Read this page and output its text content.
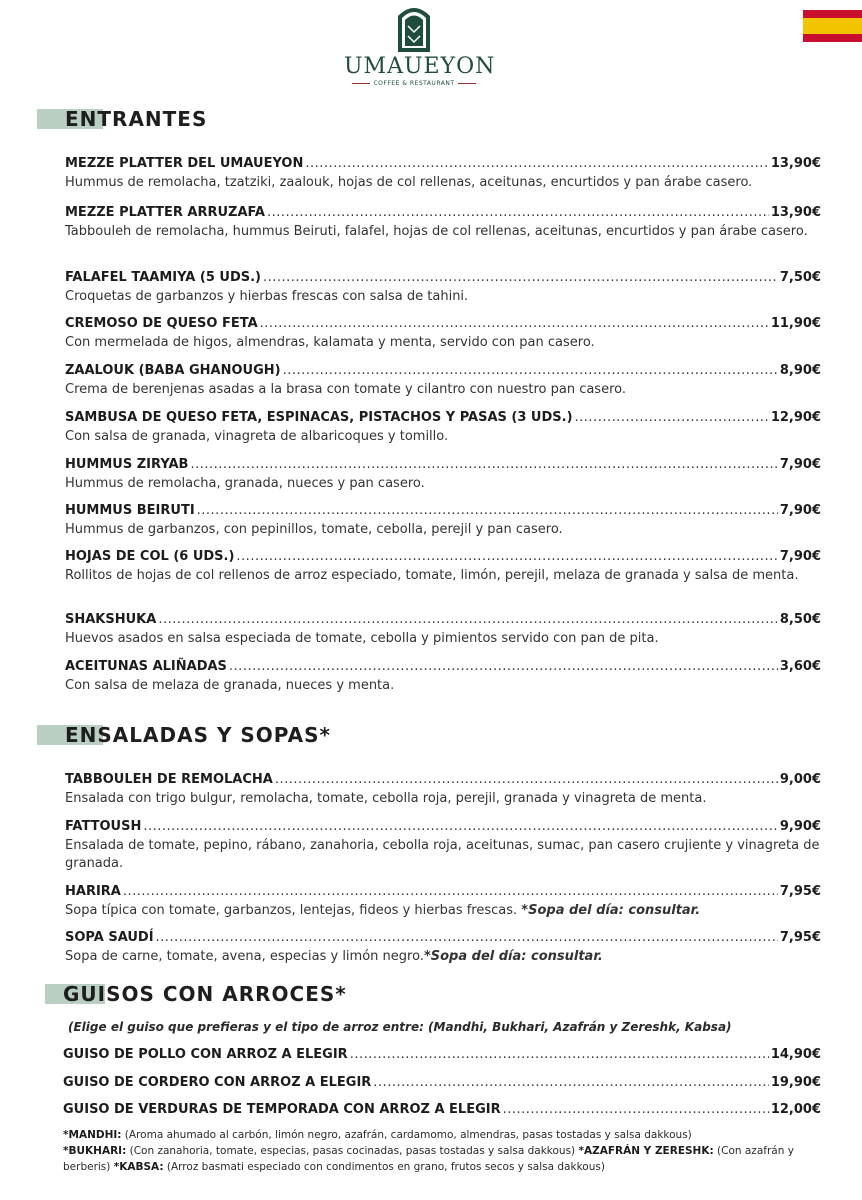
UMAUEYON
COFFEE & RESTAURANT
ENTRANTES
MEZZE PLATTER DEL UMAUEYON .....	13,90€
Hummus de remolacha, tzatziki, zaalouk, hojas de col rellenas, aceitunas, encurtidos y pan árabe casero.
MEZZE PLATTER ARRUZAFA .....	13,90€
Tabbouleh de remolacha, hummus Beiruti, falafel, hojas de col rellenas, aceitunas, encurtidos y pan árabe casero.
FALAFEL TAAMIYA (5 UDS.) .....	7,50€
Croquetas de garbanzos y hierbas frescas con salsa de tahini.
CREMOSO DE QUESO FETA .....	11,90€
Con mermelada de higos, almendras, kalamata y menta, servido con pan casero.
ZAALOUK (BABA GHANOUGH) .....	8,90€
Crema de berenjenas asadas a la brasa con tomate y cilantro con nuestro pan casero.
SAMBUSA DE QUESO FETA, ESPINACAS, PISTACHOS Y PASAS (3 UDS.) .....	12,90€
Con salsa de granada, vinagreta de albaricoques y tomillo.
HUMMUS ZIRYAB .....	7,90€
Hummus de remolacha, granada, nueces y pan casero.
HUMMUS BEIRUTI .....	7,90€
Hummus de garbanzos, con pepinillos, tomate, cebolla, perejil y pan casero.
HOJAS DE COL (6 UDS.) .....	7,90€
Rollitos de hojas de col rellenos de arroz especiado, tomate, limón, perejil, melaza de granada y salsa de menta.
SHAKSHUKA .....	8,50€
Huevos asados en salsa especiada de tomate, cebolla y pimientos servido con pan de pita.
ACEITUNAS ALIÑADAS .....	3,60€
Con salsa de melaza de granada, nueces y menta.
ENSALADAS Y SOPAS*
TABBOULEH DE REMOLACHA .....	9,00€
Ensalada con trigo bulgur, remolacha, tomate, cebolla roja, perejil, granada y vinagreta de menta.
FATTOUSH .....	9,90€
Ensalada de tomate, pepino, rábano, zanahoria, cebolla roja, aceitunas, sumac, pan casero crujiente y vinagreta de granada.
HARIRA .....	7,95€
Sopa típica con tomate, garbanzos, lentejas, fideos y hierbas frescas. *Sopa del día: consultar.
SOPA SAUDÍ .....	7,95€
Sopa de carne, tomate, avena, especias y limón negro.*Sopa del día: consultar.
GUISOS CON ARROCES*
(Elige el guiso que prefieras y el tipo de arroz entre: (Mandhi, Bukhari, Azafrán y Zereshk, Kabsa)
GUISO DE POLLO CON ARROZ A ELEGIR .....	14,90€
GUISO DE CORDERO CON ARROZ A ELEGIR .....	19,90€
GUISO DE VERDURAS DE TEMPORADA CON ARROZ A ELEGIR .....	12,00€
*MANDHI: (Aroma ahumado al carbón, limón negro, azafrán, cardamomo, almendras, pasas tostadas y salsa dakkous)
*BUKHARI: (Con zanahoria, tomate, especias, pasas cocinadas, pasas tostadas y salsa dakkous) *AZAFRÁN Y ZERESHK: (Con azafrán y berberis) *KABSA: (Arroz basmati especiado con condimentos en grano, frutos secos y salsa dakkous)
